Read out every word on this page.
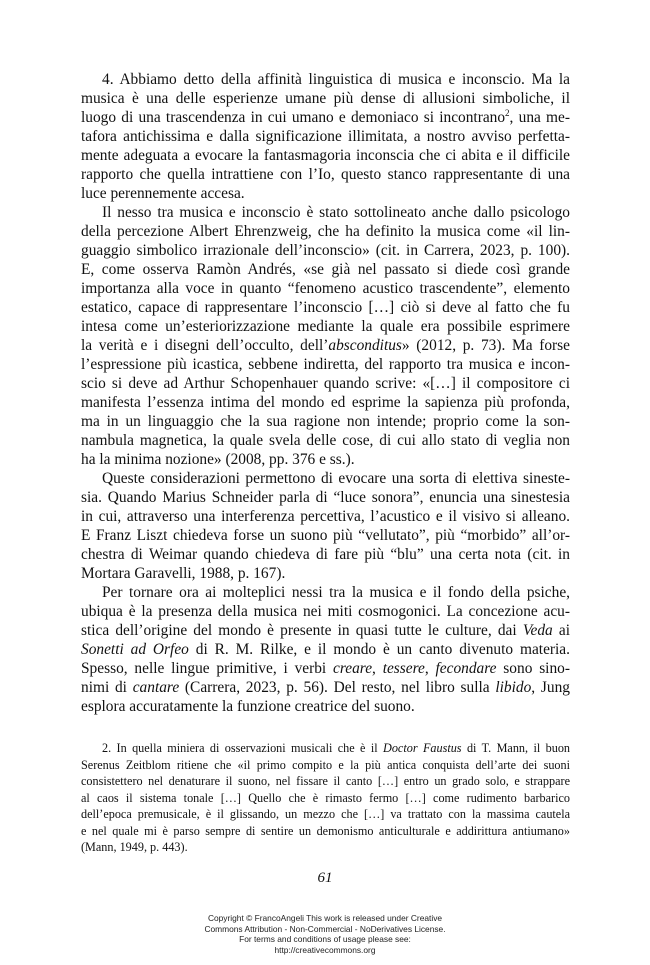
4. Abbiamo detto della affinità linguistica di musica e inconscio. Ma la
musica è una delle esperienze umane più dense di allusioni simboliche, il
luogo di una trascendenza in cui umano e demoniaco si incontrano$^2$, una me-
tafora antichissima e dalla significazione illimitata, a nostro avviso perfetta-
mente adeguata a evocare la fantasmagoria inconscia che ci abita e il difficile
rapporto che quella intrattiene con l’Io, questo stanco rappresentante di una
luce perennemente accesa.

Il nesso tra musica e inconscio è stato sottolineato anche dallo psicologo
della percezione Albert Ehrenzweig, che ha definito la musica come «il lin-
guaggio simbolico irrazionale dell’inconscio» (cit. in Carrera, 2023, p. 100).
E, come osserva Ramòn Andrés, «se già nel passato si diede così grande
importanza alla voce in quanto “fenomeno acustico trascendente”, elemento
estatico, capace di rappresentare l’inconscio […] ciò si deve al fatto che fu
intesa come un’esteriorizzazione mediante la quale era possibile esprimere
la verità e i disegni dell’occulto, dell’absconditus» (2012, p. 73). Ma forse
l’espressione più icastica, sebbene indiretta, del rapporto tra musica e incon-
scio si deve ad Arthur Schopenhauer quando scrive: «[…] il compositore ci
manifesta l’essenza intima del mondo ed esprime la sapienza più profonda,
ma in un linguaggio che la sua ragione non intende; proprio come la son-
nambula magnetica, la quale svela delle cose, di cui allo stato di veglia non
ha la minima nozione» (2008, pp. 376 e ss.).

Queste considerazioni permettono di evocare una sorta di elettiva sineste-
sia. Quando Marius Schneider parla di “luce sonora”, enuncia una sinestesia
in cui, attraverso una interferenza percettiva, l’acustico e il visivo si alleano.
E Franz Liszt chiedeva forse un suono più “vellutato”, più “morbido” all’or-
chestra di Weimar quando chiedeva di fare più “blu” una certa nota (cit. in
Mortara Garavelli, 1988, p. 167).

Per tornare ora ai molteplici nessi tra la musica e il fondo della psiche,
ubiqua è la presenza della musica nei miti cosmogonici. La concezione acu-
stica dell’origine del mondo è presente in quasi tutte le culture, dai Veda ai
Sonetti ad Orfeo di R. M. Rilke, e il mondo è un canto divenuto materia.
Spesso, nelle lingue primitive, i verbi creare, tessere, fecondare sono sino-
nimi di cantare (Carrera, 2023, p. 56). Del resto, nel libro sulla libido, Jung
esplora accuratamente la funzione creatrice del suono.

2. In quella miniera di osservazioni musicali che è il Doctor Faustus di T. Mann, il buon
Serenus Zeitblom ritiene che «il primo compito e la più antica conquista dell’arte dei suoni
consistettero nel denaturare il suono, nel fissare il canto […] entro un grado solo, e strappare
al caos il sistema tonale […] Quello che è rimasto fermo […] come rudimento barbarico
dell’epoca premusicale, è il glissando, un mezzo che […] va trattato con la massima cautela
e nel quale mi è parso sempre di sentire un demonismo anticulturale e addirittura antiumano»
(Mann, 1949, p. 443).
61
Copyright © FrancoAngeli This work is released under Creative
Commons Attribution - Non-Commercial - NoDerivatives License.
For terms and conditions of usage please see:
http://creativecommons.org
